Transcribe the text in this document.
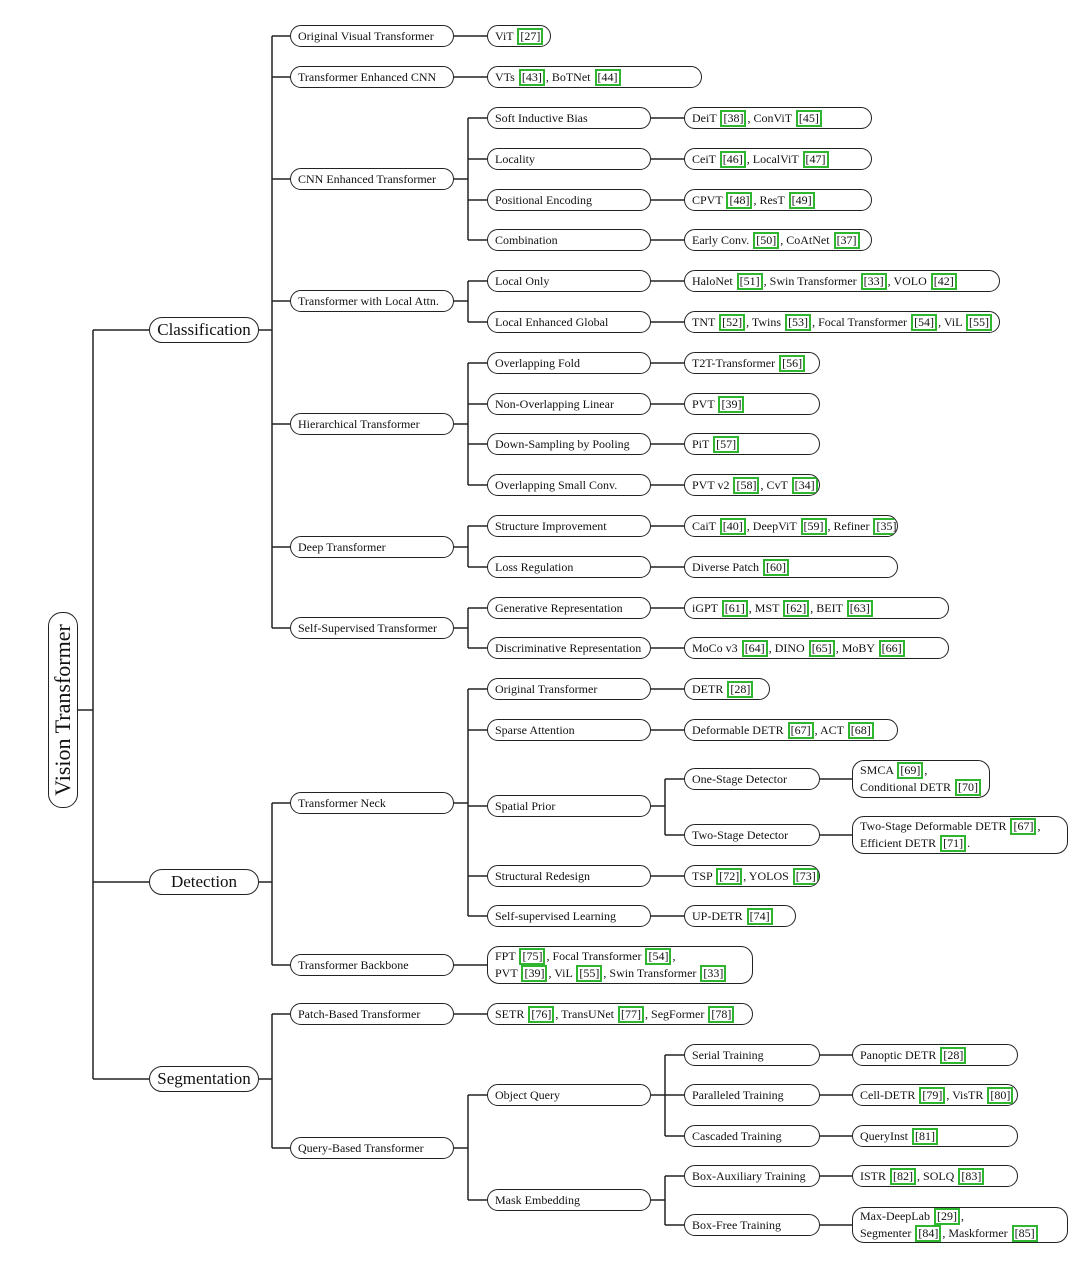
Vision Transformer
Classification
Original Visual Transformer	ViT [27]
Transformer Enhanced CNN	VTs [43] , BoTNet [44]
CNN Enhanced Transformer
Soft Inductive Bias	DeiT [38] , ConViT [45]
Locality	CeiT [46] , LocalViT [47]
Positional Encoding	CPVT [48] , ResT [49]
Combination	Early Conv. [50] , CoAtNet [37]
Transformer with Local Attn.
Local Only	HaloNet [51] , Swin Transformer [33] , VOLO [42]
Local Enhanced Global	TNT [52] , Twins [53] , Focal Transformer [54] , ViL [55]
Hierarchical Transformer
Overlapping Fold	T2T-Transformer [56]
Non-Overlapping Linear	PVT [39]
Down-Sampling by Pooling	PiT [57]
Overlapping Small Conv.	PVT v2 [58] , CvT [34]
Deep Transformer
Structure Improvement	CaiT [40] , DeepViT [59] , Refiner [35]
Loss Regulation	Diverse Patch [60]
Self-Supervised Transformer
Generative Representation	iGPT [61] , MST [62] , BEIT [63]
Discriminative Representation	MoCo v3 [64] , DINO [65] , MoBY [66]
Detection
Transformer Neck
Original Transformer	DETR [28]
Sparse Attention	Deformable DETR [67] , ACT [68]
Spatial Prior
One-Stage Detector
SMCA [69] ,
Conditional DETR [70]
Two-Stage Detector
Two-Stage Deformable DETR [67] ,
Efficient DETR [71] .
Structural Redesign	TSP [72] , YOLOS [73]
Self-supervised Learning	UP-DETR [74]
Transformer Backbone
FPT [75] , Focal Transformer [54] ,
PVT [39] , ViL [55] , Swin Transformer [33]
Segmentation
Patch-Based Transformer	SETR [76] , TransUNet [77] , SegFormer [78]
Query-Based Transformer
Object Query
Serial Training	Panoptic DETR [28]
Paralleled Training	Cell-DETR [79] , VisTR [80]
Cascaded Training	QueryInst [81]
Mask Embedding
Box-Auxiliary Training	ISTR [82] , SOLQ [83]
Box-Free Training
Max-DeepLab [29] ,
Segmenter [84] , Maskformer [85]
